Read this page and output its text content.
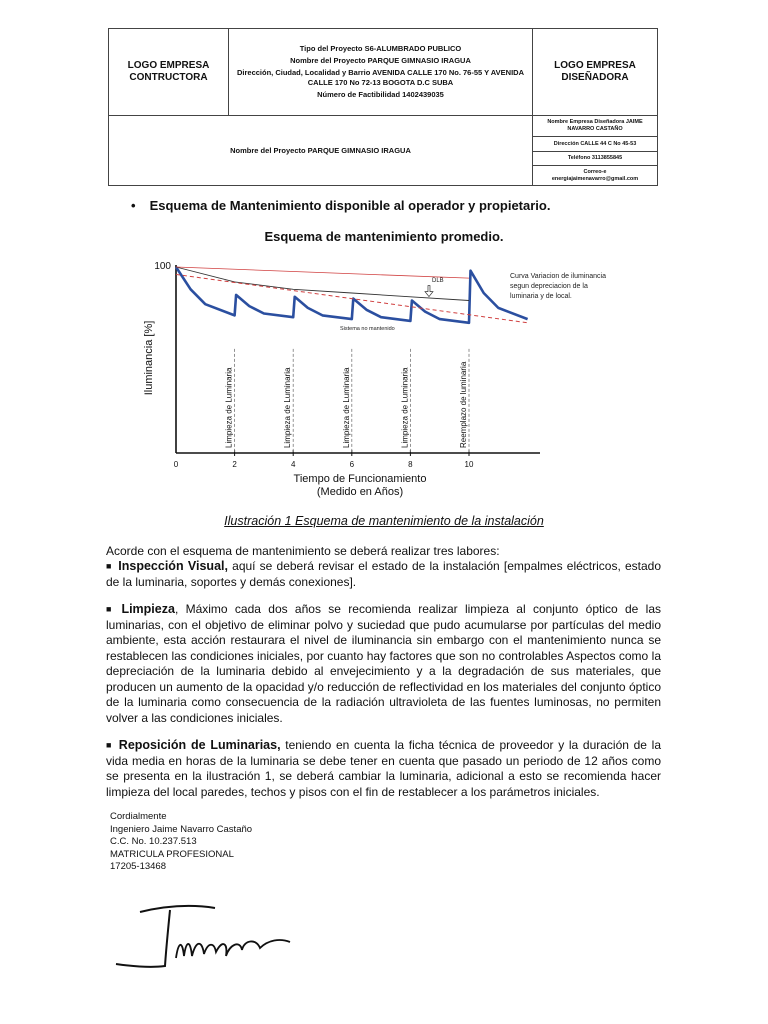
LOGO EMPRESA CONTRUCTORA
Tipo del Proyecto S6-ALUMBRADO PUBLICO
Nombre del Proyecto PARQUE GIMNASIO IRAGUA
Dirección, Ciudad, Localidad y Barrio AVENIDA CALLE 170 No. 76-55 Y AVENIDA CALLE 170 No 72-13 BOGOTA D.C SUBA
Número de Factibilidad 1402439035
LOGO EMPRESA DISEÑADORA
Nombre del Proyecto PARQUE GIMNASIO IRAGUA
Nombre Empresa Diseñadora JAIME NAVARRO CASTAÑO
Dirección CALLE 44 C No 45-53
Teléfono 3113855845
Correo-e
energiajaimenavarro@gmail.com
• Esquema de Mantenimiento disponible al operador y propietario.
Esquema de mantenimiento promedio.
0	2	4	6	8	10
Limpieza de Luminaria	Limpieza de Luminaria	Limpieza de Luminaria	Limpieza de Luminaria	Reemplazo de luminaria
100
Iluminancia [%]
Tiempo de Funcionamiento
(Medido en Años)
Curva Variacion de iluminancia
segun depreciacion de la
luminaria y de local.
DLB
Sistema no mantenido
Ilustración 1 Esquema de mantenimiento de la instalación
Acorde con el esquema de mantenimiento se deberá realizar tres labores:
■ Inspección Visual, aquí se deberá revisar el estado de la instalación [empalmes eléctricos, estado de la luminaria, soportes y demás conexiones].
■ Limpieza, Máximo cada dos años se recomienda realizar limpieza al conjunto óptico de las luminarias, con el objetivo de eliminar polvo y suciedad que pudo acumularse por partículas del medio ambiente, esta acción restaurara el nivel de iluminancia sin embargo con el mantenimiento nunca se restablecen las condiciones iniciales, por cuanto hay factores que son no controlables Aspectos como la depreciación de la luminaria debido al envejecimiento y a la degradación de sus materiales, que producen un aumento de la opacidad y/o reducción de reflectividad en los materiales del conjunto óptico de la luminaria como consecuencia de la radiación ultravioleta de las fuentes luminosas, no permiten volver a las condiciones iniciales.
■ Reposición de Luminarias, teniendo en cuenta la ficha técnica de proveedor y la duración de la vida media en horas de la luminaria se debe tener en cuenta que pasado un periodo de 12 años como se presenta en la ilustración 1, se deberá cambiar la luminaria, adicional a esto se recomienda hacer limpieza del local paredes, techos y pisos con el fin de restablecer a los parámetros iniciales.
Cordialmente
Ingeniero Jaime Navarro Castaño
C.C. No. 10.237.513
MATRICULA PROFESIONAL
17205-13468
